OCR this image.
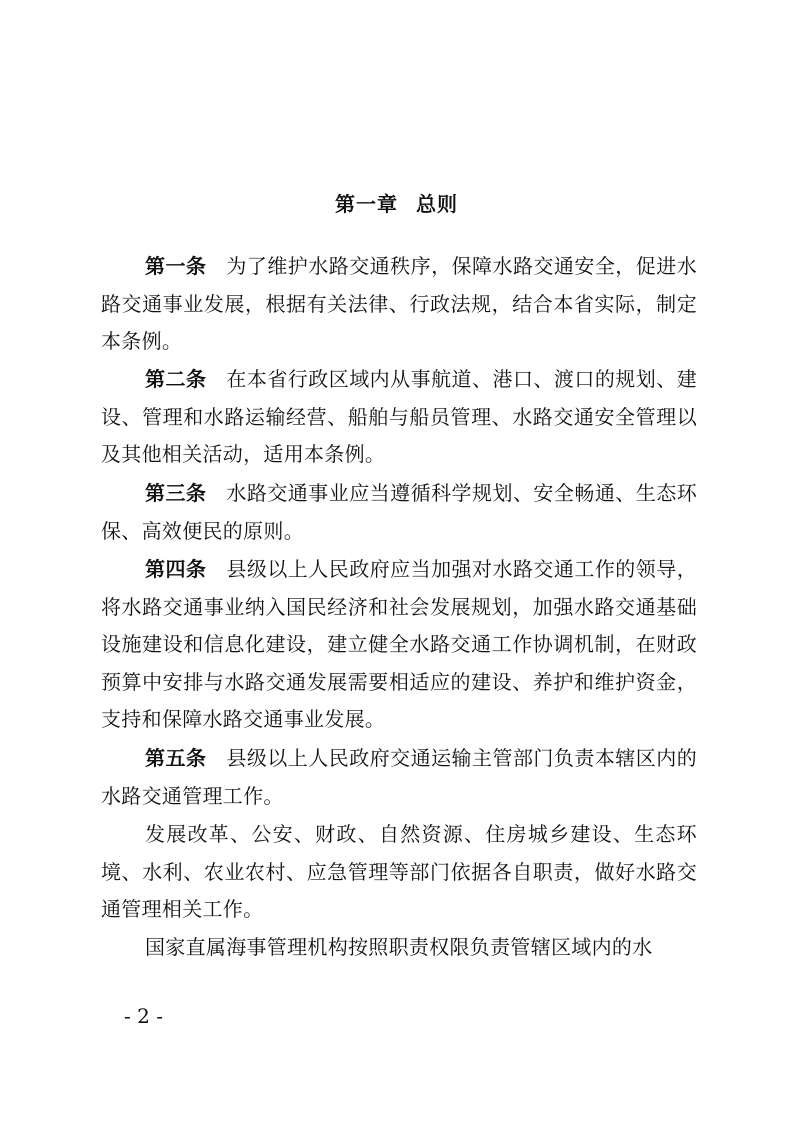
第一章 总则

第一条 为了维护水路交通秩序，保障水路交通安全，促进水路交通事业发展，根据有关法律、行政法规，结合本省实际，制定本条例。

第二条 在本省行政区域内从事航道、港口、渡口的规划、建设、管理和水路运输经营、船舶与船员管理、水路交通安全管理以及其他相关活动，适用本条例。

第三条 水路交通事业应当遵循科学规划、安全畅通、生态环保、高效便民的原则。

第四条 县级以上人民政府应当加强对水路交通工作的领导，将水路交通事业纳入国民经济和社会发展规划，加强水路交通基础设施建设和信息化建设，建立健全水路交通工作协调机制，在财政预算中安排与水路交通发展需要相适应的建设、养护和维护资金，支持和保障水路交通事业发展。

第五条 县级以上人民政府交通运输主管部门负责本辖区内的水路交通管理工作。

发展改革、公安、财政、自然资源、住房城乡建设、生态环境、水利、农业农村、应急管理等部门依据各自职责，做好水路交通管理相关工作。

国家直属海事管理机构按照职责权限负责管辖区域内的水

- 2 -
